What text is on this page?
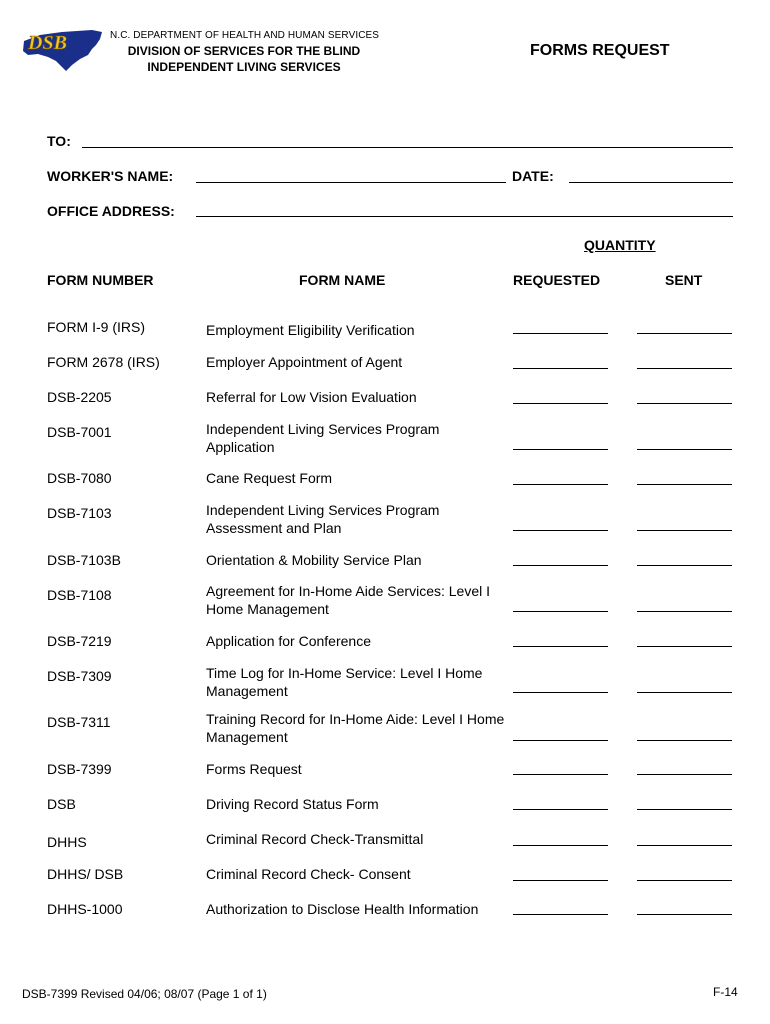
DSB	N.C. DEPARTMENT OF HEALTH AND HUMAN SERVICES
DIVISION OF SERVICES FOR THE BLIND
INDEPENDENT LIVING SERVICES
FORMS REQUEST
TO:
WORKER'S NAME:	DATE:
OFFICE ADDRESS:
QUANTITY
FORM NUMBER	FORM NAME	REQUESTED	SENT
FORM I-9 (IRS)	Employment Eligibility Verification
FORM 2678 (IRS)	Employer Appointment of Agent
DSB-2205	Referral for Low Vision Evaluation
DSB-7001	Independent Living Services Program Application
DSB-7080	Cane Request Form
DSB-7103	Independent Living Services Program Assessment and Plan
DSB-7103B	Orientation & Mobility Service Plan
DSB-7108	Agreement for In-Home Aide Services: Level I Home Management
DSB-7219	Application for Conference
DSB-7309	Time Log for In-Home Service: Level I Home Management
DSB-7311	Training Record for In-Home Aide: Level I Home Management
DSB-7399	Forms Request
DSB	Driving Record Status Form
DHHS	Criminal Record Check-Transmittal
DHHS/ DSB	Criminal Record Check- Consent
DHHS-1000	Authorization to Disclose Health Information
DSB-7399 Revised 04/06; 08/07 (Page 1 of 1)	F-14
